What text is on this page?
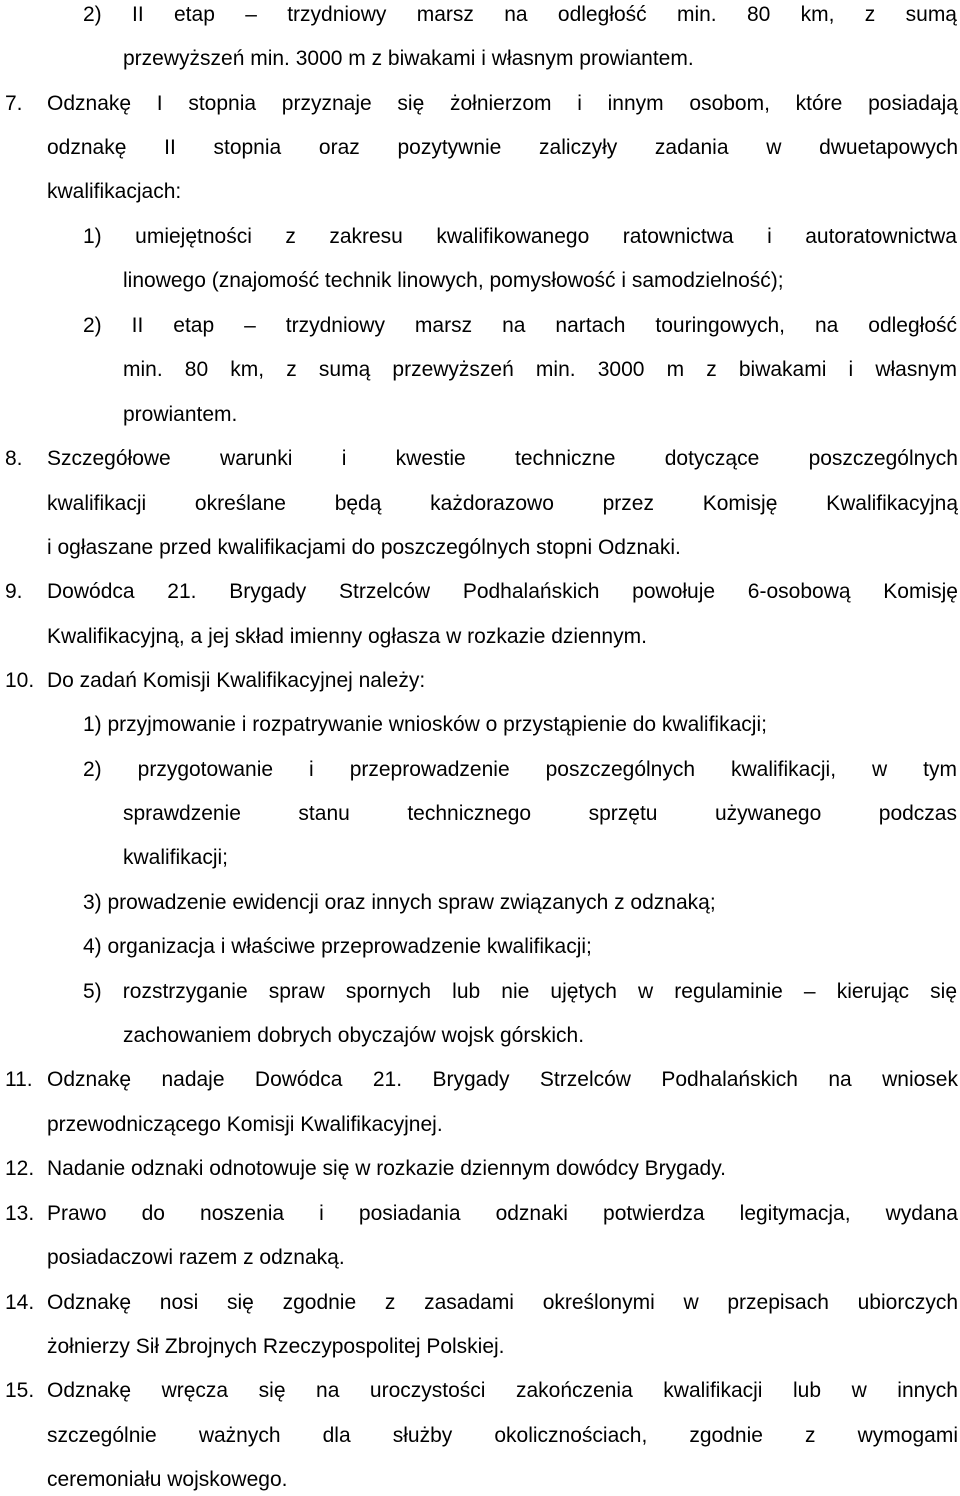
2) II etap – trzydniowy marsz na odległość min. 80 km, z sumą
przewyższeń min. 3000 m z biwakami i własnym prowiantem.
7. Odznakę I stopnia przyznaje się żołnierzom i innym osobom, które posiadają
odznakę II stopnia oraz pozytywnie zaliczyły zadania w dwuetapowych
kwalifikacjach:
1) umiejętności z zakresu kwalifikowanego ratownictwa i autoratownictwa
linowego (znajomość technik linowych, pomysłowość i samodzielność);
2) II etap – trzydniowy marsz na nartach touringowych, na odległość
min. 80 km, z sumą przewyższeń min. 3000 m z biwakami i własnym
prowiantem.
8. Szczegółowe warunki i kwestie techniczne dotyczące poszczególnych
kwalifikacji określane będą każdorazowo przez Komisję Kwalifikacyjną
i ogłaszane przed kwalifikacjami do poszczególnych stopni Odznaki.
9. Dowódca 21. Brygady Strzelców Podhalańskich powołuje 6-osobową Komisję
Kwalifikacyjną, a jej skład imienny ogłasza w rozkazie dziennym.
10. Do zadań Komisji Kwalifikacyjnej należy:
1) przyjmowanie i rozpatrywanie wniosków o przystąpienie do kwalifikacji;
2) przygotowanie i przeprowadzenie poszczególnych kwalifikacji, w tym
sprawdzenie stanu technicznego sprzętu używanego podczas
kwalifikacji;
3) prowadzenie ewidencji oraz innych spraw związanych z odznaką;
4) organizacja i właściwe przeprowadzenie kwalifikacji;
5) rozstrzyganie spraw spornych lub nie ujętych w regulaminie – kierując się
zachowaniem dobrych obyczajów wojsk górskich.
11. Odznakę nadaje Dowódca 21. Brygady Strzelców Podhalańskich na wniosek
przewodniczącego Komisji Kwalifikacyjnej.
12. Nadanie odznaki odnotowuje się w rozkazie dziennym dowódcy Brygady.
13. Prawo do noszenia i posiadania odznaki potwierdza legitymacja, wydana
posiadaczowi razem z odznaką.
14. Odznakę nosi się zgodnie z zasadami określonymi w przepisach ubiorczych
żołnierzy Sił Zbrojnych Rzeczypospolitej Polskiej.
15. Odznakę wręcza się na uroczystości zakończenia kwalifikacji lub w innych
szczególnie ważnych dla służby okolicznościach, zgodnie z wymogami
ceremoniału wojskowego.
